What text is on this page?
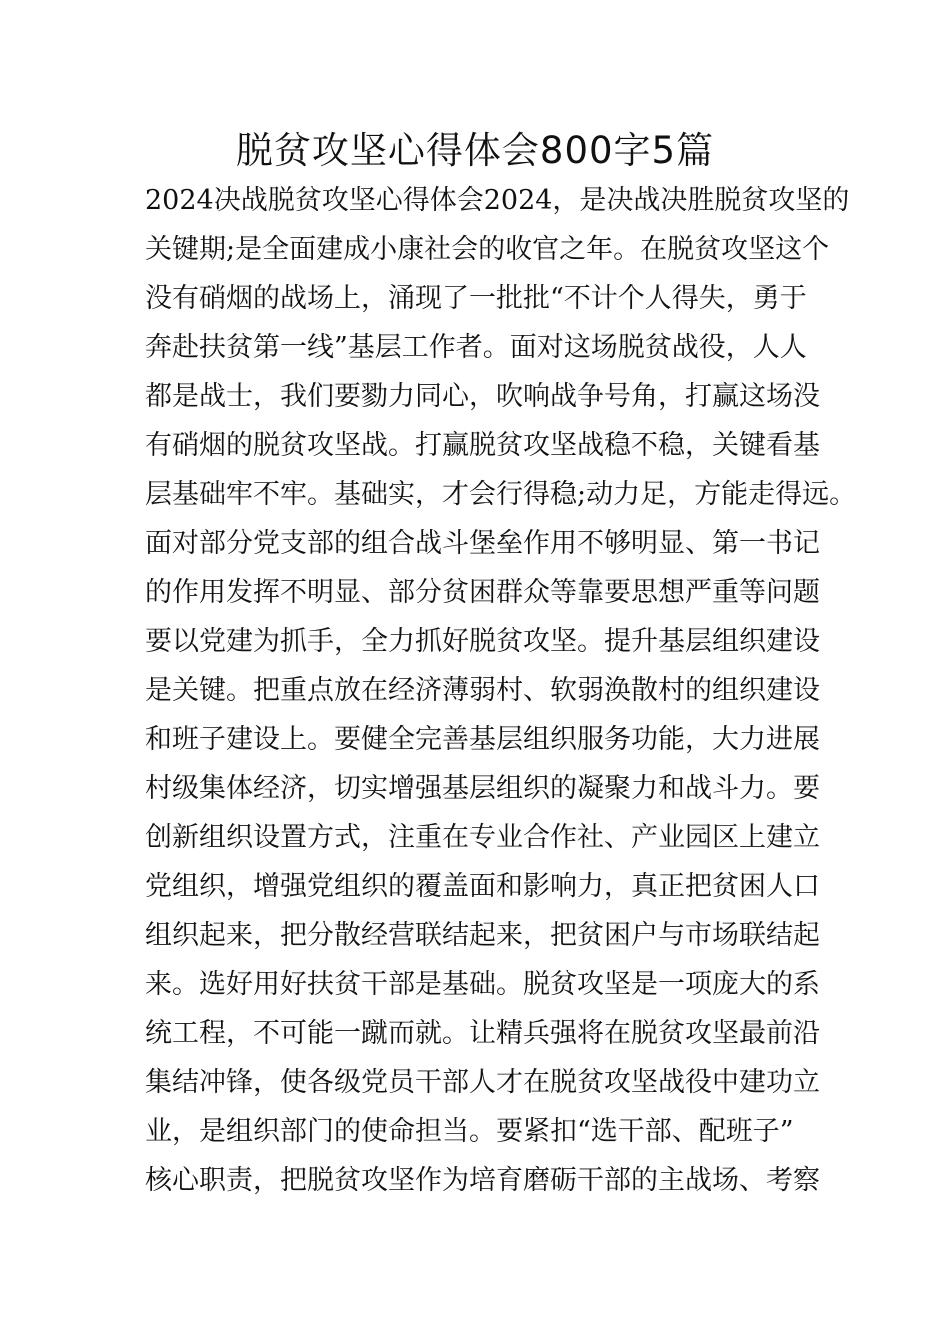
脱贫攻坚心得体会800字5篇
2024决战脱贫攻坚心得体会2024，是决战决胜脱贫攻坚的
关键期;是全面建成小康社会的收官之年。在脱贫攻坚这个
没有硝烟的战场上，涌现了一批批“不计个人得失，勇于
奔赴扶贫第一线”基层工作者。面对这场脱贫战役，人人
都是战士，我们要勠力同心，吹响战争号角，打赢这场没
有硝烟的脱贫攻坚战。打赢脱贫攻坚战稳不稳，关键看基
层基础牢不牢。基础实，才会行得稳;动力足，方能走得远。
面对部分党支部的组合战斗堡垒作用不够明显、第一书记
的作用发挥不明显、部分贫困群众等靠要思想严重等问题
要以党建为抓手，全力抓好脱贫攻坚。提升基层组织建设
是关键。把重点放在经济薄弱村、软弱涣散村的组织建设
和班子建设上。要健全完善基层组织服务功能，大力进展
村级集体经济，切实增强基层组织的凝聚力和战斗力。要
创新组织设置方式，注重在专业合作社、产业园区上建立
党组织，增强党组织的覆盖面和影响力，真正把贫困人口
组织起来，把分散经营联结起来，把贫困户与市场联结起
来。选好用好扶贫干部是基础。脱贫攻坚是一项庞大的系
统工程，不可能一蹴而就。让精兵强将在脱贫攻坚最前沿
集结冲锋，使各级党员干部人才在脱贫攻坚战役中建功立
业，是组织部门的使命担当。要紧扣“选干部、配班子”
核心职责，把脱贫攻坚作为培育磨砺干部的主战场、考察
